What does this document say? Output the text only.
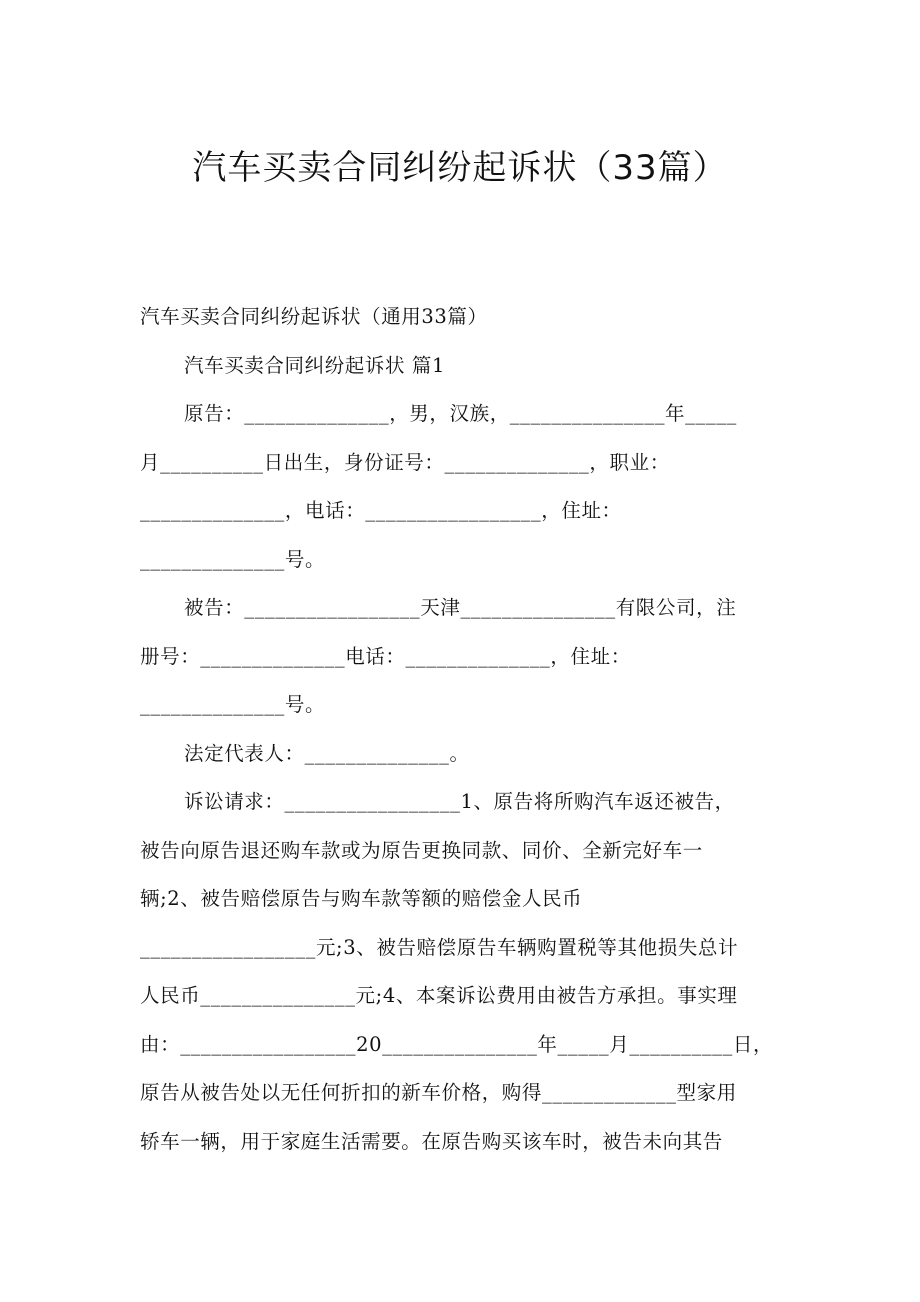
汽车买卖合同纠纷起诉状（33篇）
汽车买卖合同纠纷起诉状（通用33篇）
汽车买卖合同纠纷起诉状 篇1
原告：______________，男，汉族，_______________年_____
月__________日出生，身份证号：______________，职业：
______________，电话：_________________，住址：
______________号。
被告：_________________天津_______________有限公司，注
册号：______________电话：______________，住址：
______________号。
法定代表人：______________。
诉讼请求：_________________1、原告将所购汽车返还被告，
被告向原告退还购车款或为原告更换同款、同价、全新完好车一
辆;2、被告赔偿原告与购车款等额的赔偿金人民币
_________________元;3、被告赔偿原告车辆购置税等其他损失总计
人民币_______________元;4、本案诉讼费用由被告方承担。事实理
由：_________________20_______________年_____月__________日，
原告从被告处以无任何折扣的新车价格，购得_____________型家用
轿车一辆，用于家庭生活需要。在原告购买该车时，被告未向其告
